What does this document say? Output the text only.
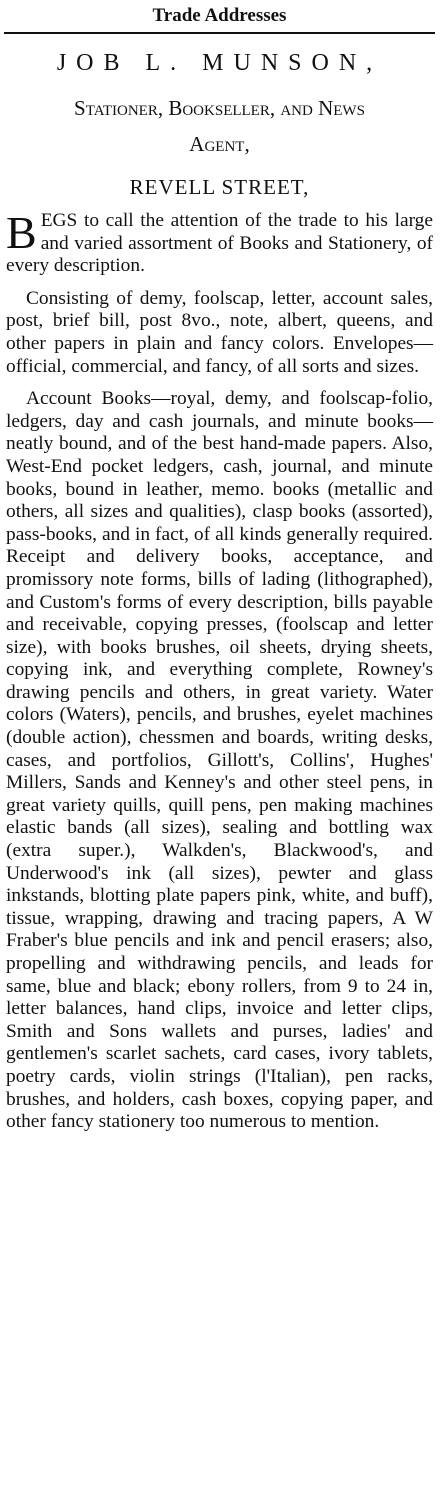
Trade Addresses
JOB L. MUNSON,
Stationer, Bookseller, and News
Agent,
REVELL STREET,

BEGS to call the attention of the trade to his large and varied assortment of Books and Stationery, of every description.

Consisting of demy, foolscap, letter, account sales, post, brief bill, post 8vo., note, albert, queens, and other papers in plain and fancy colors. Envelopes—official, commercial, and fancy, of all sorts and sizes.

Account Books—royal, demy, and foolscap-folio, ledgers, day and cash journals, and minute books—neatly bound, and of the best hand-made papers. Also, West-End pocket ledgers, cash, journal, and minute books, bound in leather, memo. books (metallic and others, all sizes and qualities), clasp books (assorted), pass-books, and in fact, of all kinds generally required. Receipt and delivery books, acceptance, and promissory note forms, bills of lading (lithographed), and Custom's forms of every description, bills payable and receivable, copying presses, (foolscap and letter size), with books brushes, oil sheets, drying sheets, copying ink, and everything complete, Rowney's drawing pencils and others, in great variety. Water colors (Waters), pencils, and brushes, eyelet machines (double action), chessmen and boards, writing desks, cases, and portfolios, Gillott's, Collins', Hughes' Millers, Sands and Kenney's and other steel pens, in great variety quills, quill pens, pen making machines elastic bands (all sizes), sealing and bottling wax (extra super.), Walkden's, Blackwood's, and Underwood's ink (all sizes), pewter and glass inkstands, blotting plate papers pink, white, and buff), tissue, wrapping, drawing and tracing papers, A W Fraber's blue pencils and ink and pencil erasers; also, propelling and withdrawing pencils, and leads for same, blue and black; ebony rollers, from 9 to 24 in, letter balances, hand clips, invoice and letter clips, Smith and Sons wallets and purses, ladies' and gentlemen's scarlet sachets, card cases, ivory tablets, poetry cards, violin strings (l'Italian), pen racks, brushes, and holders, cash boxes, copying paper, and other fancy stationery too numerous to mention.
